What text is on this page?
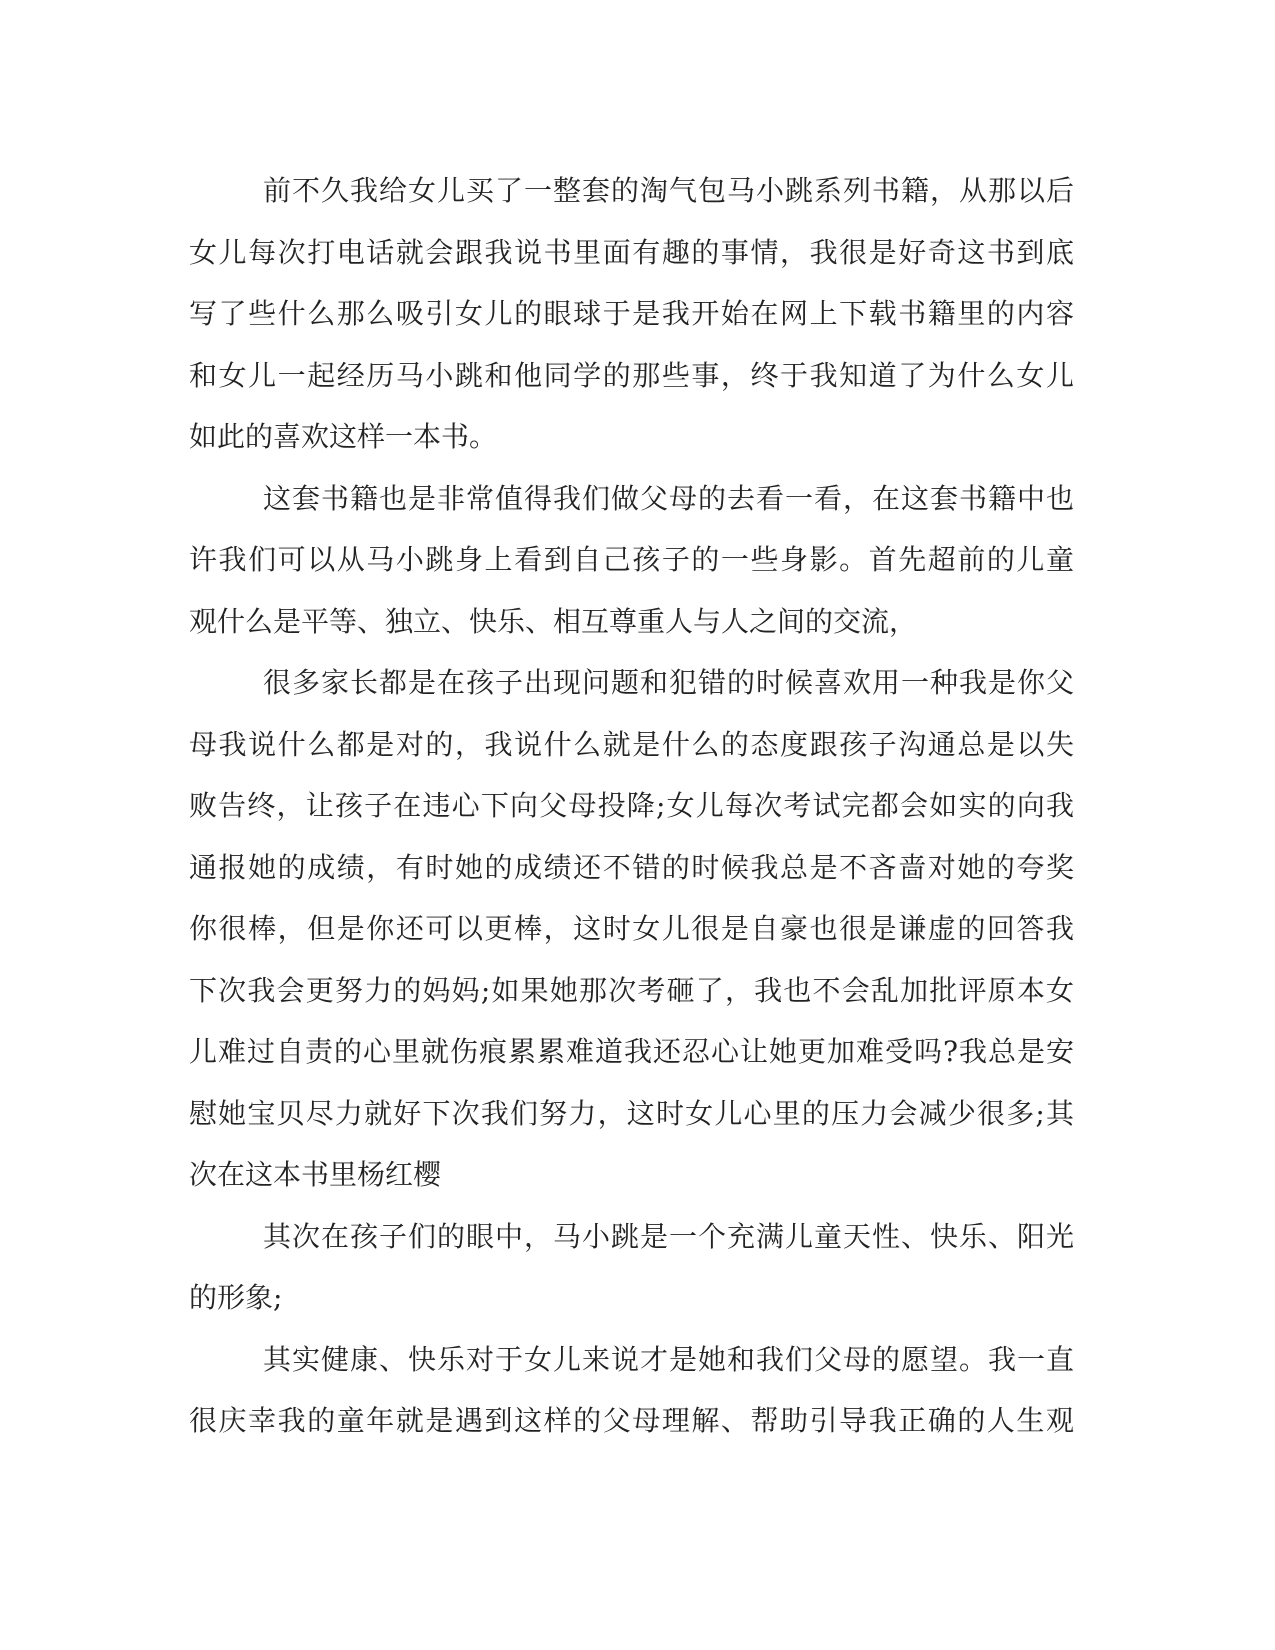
前不久我给女儿买了一整套的淘气包马小跳系列书籍，从那以后
女儿每次打电话就会跟我说书里面有趣的事情，我很是好奇这书到底
写了些什么那么吸引女儿的眼球于是我开始在网上下载书籍里的内容
和女儿一起经历马小跳和他同学的那些事，终于我知道了为什么女儿
如此的喜欢这样一本书。
这套书籍也是非常值得我们做父母的去看一看，在这套书籍中也
许我们可以从马小跳身上看到自己孩子的一些身影。首先超前的儿童
观什么是平等、独立、快乐、相互尊重人与人之间的交流，
很多家长都是在孩子出现问题和犯错的时候喜欢用一种我是你父
母我说什么都是对的，我说什么就是什么的态度跟孩子沟通总是以失
败告终，让孩子在违心下向父母投降;女儿每次考试完都会如实的向我
通报她的成绩，有时她的成绩还不错的时候我总是不吝啬对她的夸奖
你很棒，但是你还可以更棒，这时女儿很是自豪也很是谦虚的回答我
下次我会更努力的妈妈;如果她那次考砸了，我也不会乱加批评原本女
儿难过自责的心里就伤痕累累难道我还忍心让她更加难受吗?我总是安
慰她宝贝尽力就好下次我们努力，这时女儿心里的压力会减少很多;其
次在这本书里杨红樱
其次在孩子们的眼中，马小跳是一个充满儿童天性、快乐、阳光
的形象;
其实健康、快乐对于女儿来说才是她和我们父母的愿望。我一直
很庆幸我的童年就是遇到这样的父母理解、帮助引导我正确的人生观
